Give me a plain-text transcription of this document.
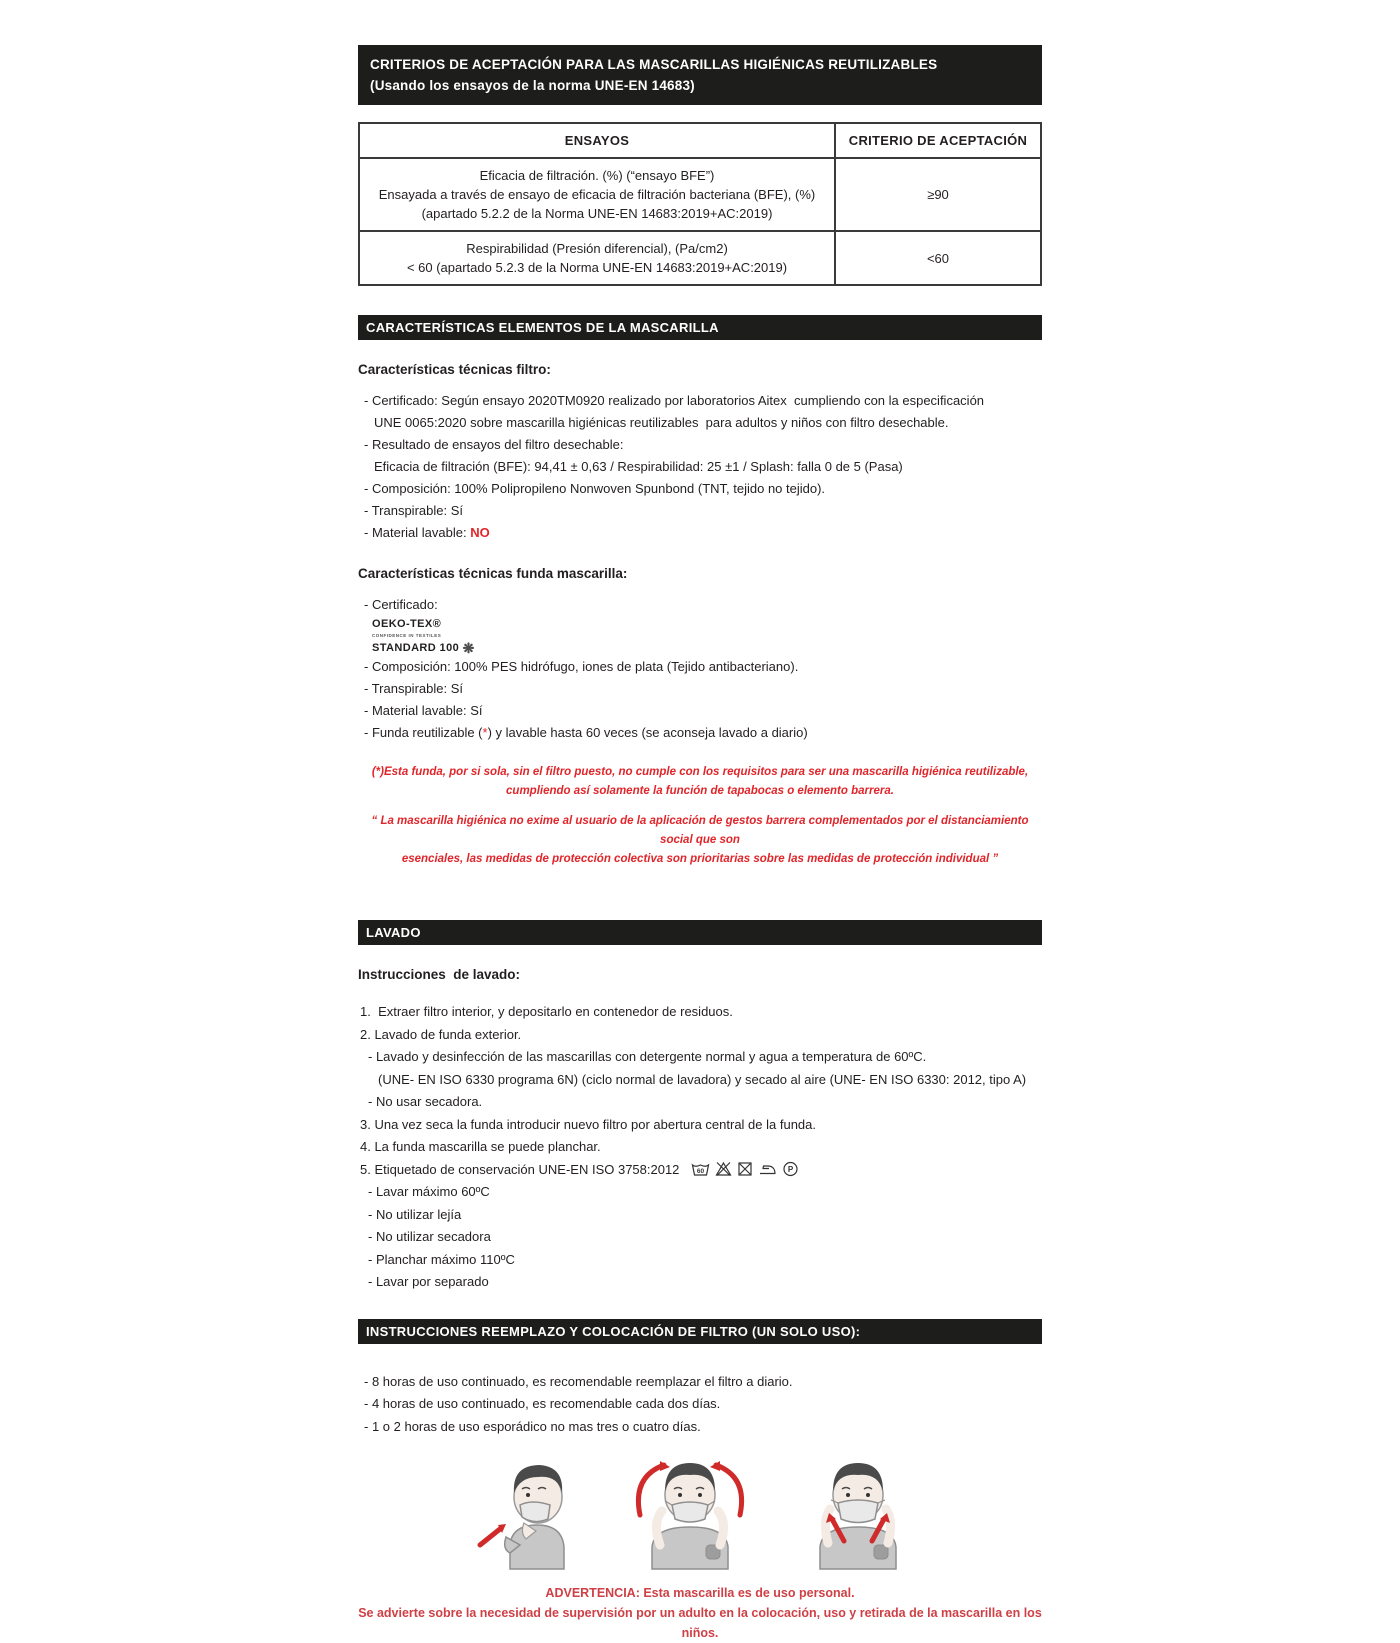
CRITERIOS DE ACEPTACIÓN PARA LAS MASCARILLAS HIGIÉNICAS REUTILIZABLES
(Usando los ensayos de la norma UNE-EN 14683)
ENSAYOS	CRITERIO DE ACEPTACIÓN

Eficacia de filtración. (%) (“ensayo BFE”)
Ensayada a través de ensayo de eficacia de filtración bacteriana (BFE), (%)
(apartado 5.2.2 de la Norma UNE-EN 14683:2019+AC:2019)	≥90

Respirabilidad (Presión diferencial), (Pa/cm2)
< 60 (apartado 5.2.3 de la Norma UNE-EN 14683:2019+AC:2019)	<60
CARACTERÍSTICAS ELEMENTOS DE LA MASCARILLA
Características técnicas filtro:
- Certificado: Según ensayo 2020TM0920 realizado por laboratorios Aitex  cumpliendo con la especificación
UNE 0065:2020 sobre mascarilla higiénicas reutilizables  para adultos y niños con filtro desechable.
- Resultado de ensayos del filtro desechable:
Eficacia de filtración (BFE): 94,41 ± 0,63 / Respirabilidad: 25 ±1 / Splash: falla 0 de 5 (Pasa)
- Composición: 100% Polipropileno Nonwoven Spunbond (TNT, tejido no tejido).
- Transpirable: Sí
- Material lavable: NO
Características técnicas funda mascarilla:
- Certificado:
OEKO-TEX®
CONFIDENCE IN TEXTILES
STANDARD 100 ❋
- Composición: 100% PES hidrófugo, iones de plata (Tejido antibacteriano).
- Transpirable: Sí
- Material lavable: Sí
- Funda reutilizable (*) y lavable hasta 60 veces (se aconseja lavado a diario)
(*)Esta funda, por si sola, sin el filtro puesto, no cumple con los requisitos para ser una mascarilla higiénica reutilizable,
cumpliendo así solamente la función de tapabocas o elemento barrera.
“ La mascarilla higiénica no exime al usuario de la aplicación de gestos barrera complementados por el distanciamiento social que son
esenciales, las medidas de protección colectiva son prioritarias sobre las medidas de protección individual ”
LAVADO
Instrucciones  de lavado:
1.  Extraer filtro interior, y depositarlo en contenedor de residuos.
2. Lavado de funda exterior.
- Lavado y desinfección de las mascarillas con detergente normal y agua a temperatura de 60ºC.
(UNE- EN ISO 6330 programa 6N) (ciclo normal de lavadora) y secado al aire (UNE- EN ISO 6330: 2012, tipo A)
- No usar secadora.
3. Una vez seca la funda introducir nuevo filtro por abertura central de la funda.
4. La funda mascarilla se puede planchar.
5. Etiquetado de conservación UNE-EN ISO 3758:2012	60	P
- Lavar máximo 60ºC
- No utilizar lejía
- No utilizar secadora
- Planchar máximo 110ºC
- Lavar por separado
INSTRUCCIONES REEMPLAZO Y COLOCACIÓN DE FILTRO (UN SOLO USO):
- 8 horas de uso continuado, es recomendable reemplazar el filtro a diario.
- 4 horas de uso continuado, es recomendable cada dos días.
- 1 o 2 horas de uso esporádico no mas tres o cuatro días.
ADVERTENCIA: Esta mascarilla es de uso personal.
Se advierte sobre la necesidad de supervisión por un adulto en la colocación, uso y retirada de la mascarilla en los niños.
